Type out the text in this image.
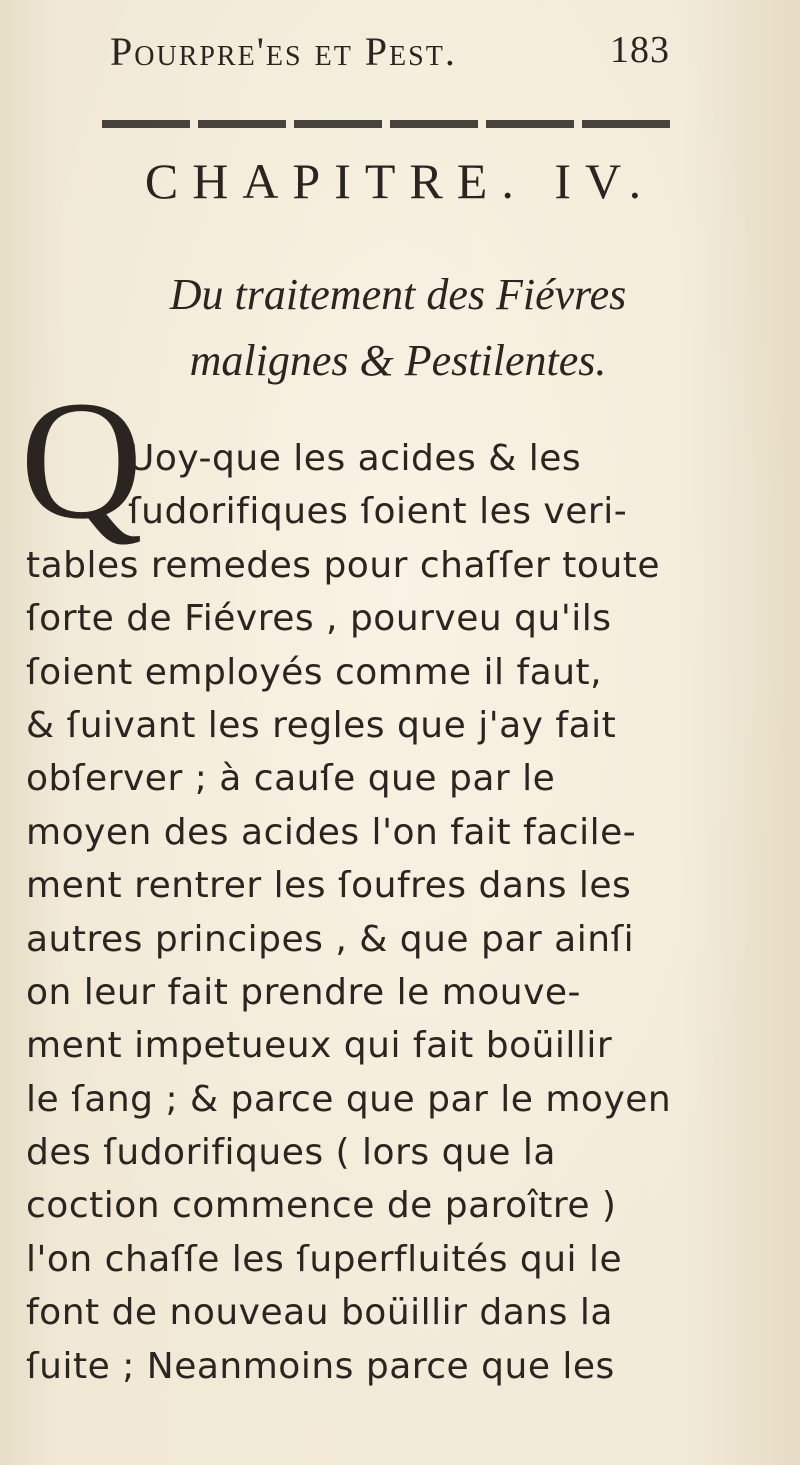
Pourpre'es et Pest.	183
CHAPITRE. IV.
Du traitement des Fiévres malignes & Pestilentes.
Q
Uoy-que les acides & les
ſudorifiques ſoient les veri-
tables remedes pour chaſſer toute
ſorte de Fiévres , pourveu qu'ils
ſoient employés comme il faut,
& ſuivant les regles que j'ay fait
obſerver ; à cauſe que par le
moyen des acides l'on fait facile-
ment rentrer les ſoufres dans les
autres principes , & que par ainſi
on leur fait prendre le mouve-
ment impetueux qui fait boüillir
le ſang ; & parce que par le moyen
des ſudorifiques ( lors que la
coction commence de paroître )
l'on chaſſe les ſuperfluités qui le
font de nouveau boüillir dans la
ſuite ; Neanmoins parce que les
